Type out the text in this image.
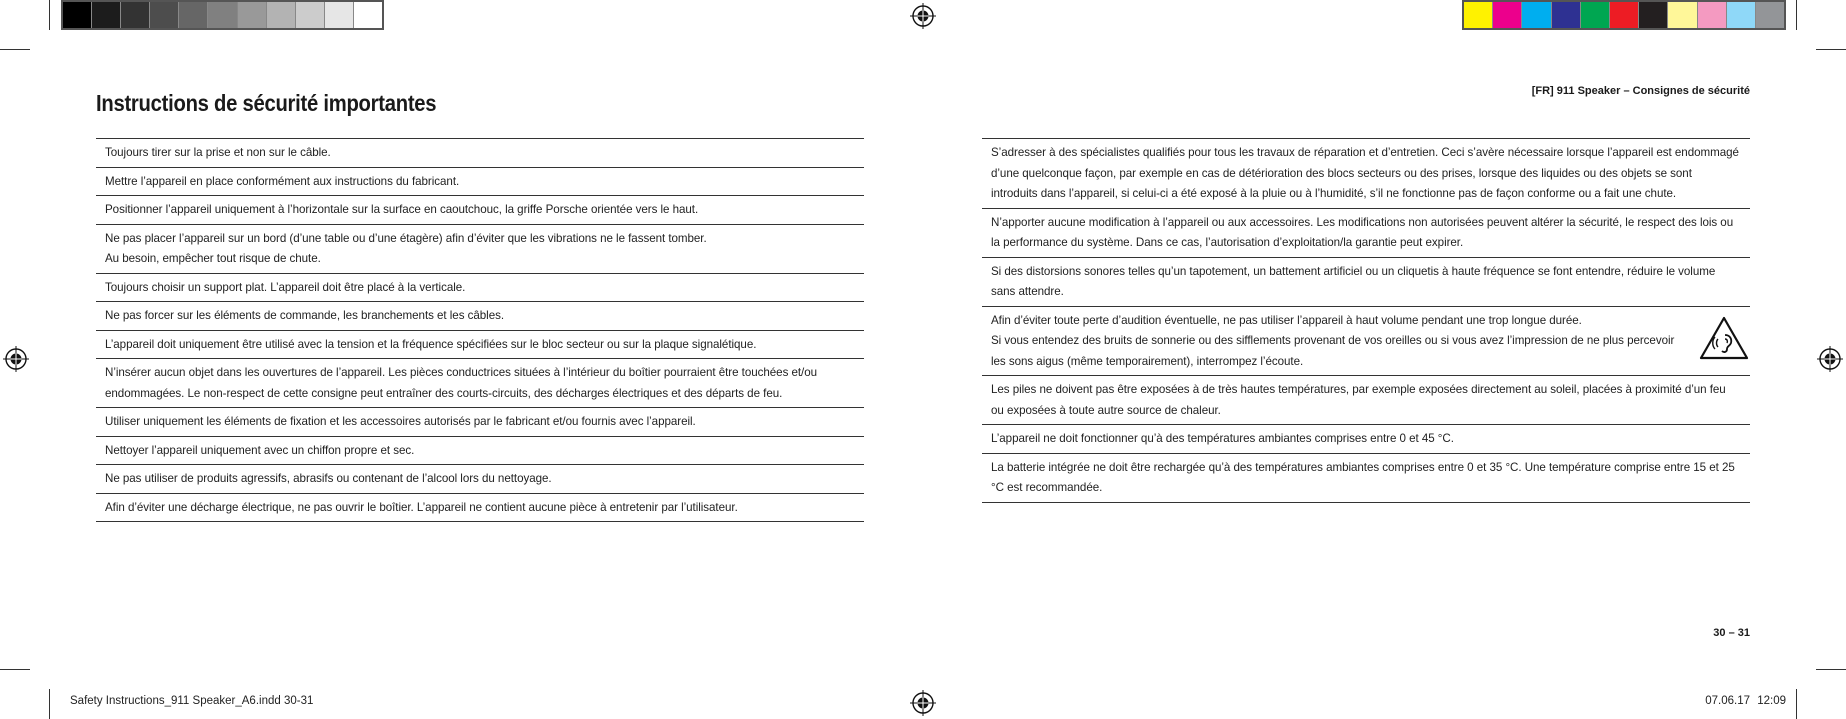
Instructions de sécurité importantes	[FR] 911 Speaker – Consignes de sécurité
Toujours tirer sur la prise et non sur le câble.
Mettre l’appareil en place conformément aux instructions du fabricant.
Positionner l’appareil uniquement à l’horizontale sur la surface en caoutchouc, la griffe Porsche orientée vers le haut.
Ne pas placer l’appareil sur un bord (d’une table ou d’une étagère) afin d’éviter que les vibrations ne le fassent tomber.
Au besoin, empêcher tout risque de chute.
Toujours choisir un support plat. L’appareil doit être placé à la verticale.
Ne pas forcer sur les éléments de commande, les branchements et les câbles.
L’appareil doit uniquement être utilisé avec la tension et la fréquence spécifiées sur le bloc secteur ou sur la plaque signalétique.
N’insérer aucun objet dans les ouvertures de l’appareil. Les pièces conductrices situées à l’intérieur du boîtier pourraient être touchées et/ou endommagées. Le non-respect de cette consigne peut entraîner des courts-circuits, des décharges électriques et des départs de feu.
Utiliser uniquement les éléments de fixation et les accessoires autorisés par le fabricant et/ou fournis avec l’appareil.
Nettoyer l’appareil uniquement avec un chiffon propre et sec.
Ne pas utiliser de produits agressifs, abrasifs ou contenant de l’alcool lors du nettoyage.
Afin d’éviter une décharge électrique, ne pas ouvrir le boîtier. L’appareil ne contient aucune pièce à entretenir par l’utilisateur.
S’adresser à des spécialistes qualifiés pour tous les travaux de réparation et d’entretien. Ceci s’avère nécessaire lorsque l’appareil est endommagé d’une quelconque façon, par exemple en cas de détérioration des blocs secteurs ou des prises, lorsque des liquides ou des objets se sont introduits dans l’appareil, si celui-ci a été exposé à la pluie ou à l’humidité, s’il ne fonctionne pas de façon conforme ou a fait une chute.
N’apporter aucune modification à l’appareil ou aux accessoires. Les modifications non autorisées peuvent altérer la sécurité, le respect des lois ou la performance du système. Dans ce cas, l’autorisation d’exploitation/la garantie peut expirer.
Si des distorsions sonores telles qu’un tapotement, un battement artificiel ou un cliquetis à haute fréquence se font entendre, réduire le volume sans attendre.
Afin d’éviter toute perte d’audition éventuelle, ne pas utiliser l’appareil à haut volume pendant une trop longue durée.
Si vous entendez des bruits de sonnerie ou des sifflements provenant de vos oreilles ou si vous avez l’impression de ne plus percevoir les sons aigus (même temporairement), interrompez l’écoute.
Les piles ne doivent pas être exposées à de très hautes températures, par exemple exposées directement au soleil, placées à proximité d’un feu ou exposées à toute autre source de chaleur.
L’appareil ne doit fonctionner qu’à des températures ambiantes comprises entre 0 et 45 °C.
La batterie intégrée ne doit être rechargée qu’à des températures ambiantes comprises entre 0 et 35 °C. Une température comprise entre 15 et 25 °C est recommandée.
30 – 31
Safety Instructions_911 Speaker_A6.indd 30-31	07.06.17 12:09
